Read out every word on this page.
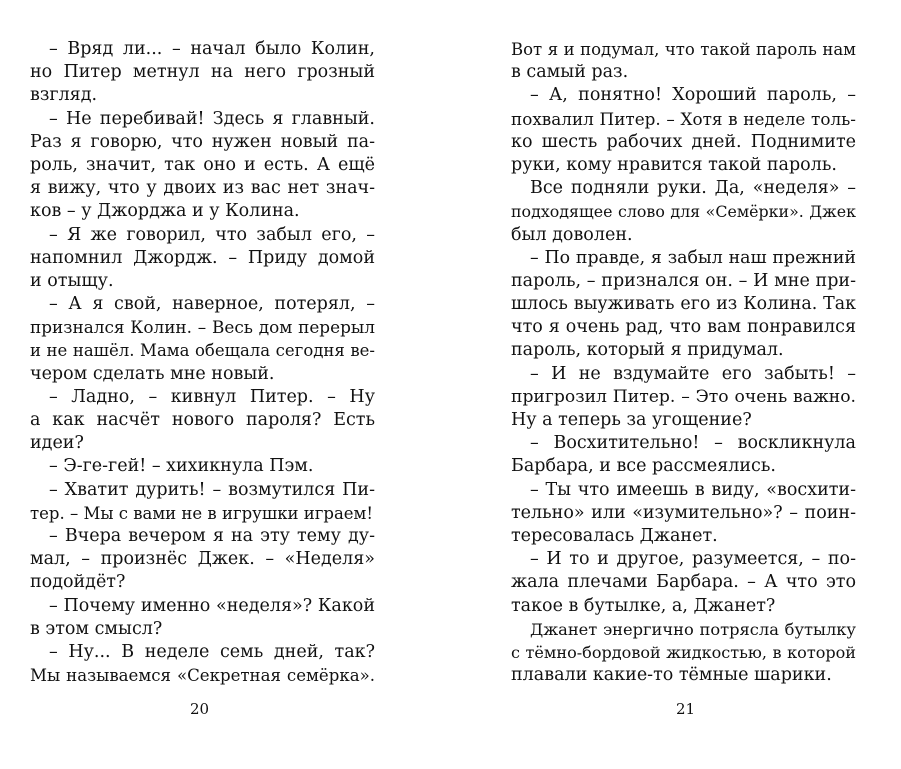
– Вряд ли... – начал было Колин,
но Питер метнул на него грозный
взгляд.
– Не перебивай! Здесь я главный.
Раз я говорю, что нужен новый па-
роль, значит, так оно и есть. А ещё
я вижу, что у двоих из вас нет знач-
ков – у Джорджа и у Колина.
– Я же говорил, что забыл его, –
напомнил Джордж. – Приду домой
и отыщу.
– А я свой, наверное, потерял, –
признался Колин. – Весь дом перерыл
и не нашёл. Мама обещала сегодня ве-
чером сделать мне новый.
– Ладно, – кивнул Питер. – Ну
а как насчёт нового пароля? Есть
идеи?
– Э-ге-гей! – хихикнула Пэм.
– Хватит дурить! – возмутился Пи-
тер. – Мы с вами не в игрушки играем!
– Вчера вечером я на эту тему ду-
мал, – произнёс Джек. – «Неделя»
подойдёт?
– Почему именно «неделя»? Какой
в этом смысл?
– Ну... В неделе семь дней, так?
Мы называемся «Секретная семёрка».
Вот я и подумал, что такой пароль нам
в самый раз.
– А, понятно! Хороший пароль, –
похвалил Питер. – Хотя в неделе толь-
ко шесть рабочих дней. Поднимите
руки, кому нравится такой пароль.
Все подняли руки. Да, «неделя» –
подходящее слово для «Семёрки». Джек
был доволен.
– По правде, я забыл наш прежний
пароль, – признался он. – И мне при-
шлось выуживать его из Колина. Так
что я очень рад, что вам понравился
пароль, который я придумал.
– И не вздумайте его забыть! –
пригрозил Питер. – Это очень важно.
Ну а теперь за угощение?
– Восхитительно! – воскликнула
Барбара, и все рассмеялись.
– Ты что имеешь в виду, «восхити-
тельно» или «изумительно»? – поин-
тересовалась Джанет.
– И то и другое, разумеется, – по-
жала плечами Барбара. – А что это
такое в бутылке, а, Джанет?
Джанет энергично потрясла бутылку
с тёмно-бордовой жидкостью, в которой
плавали какие-то тёмные шарики.
20	21
